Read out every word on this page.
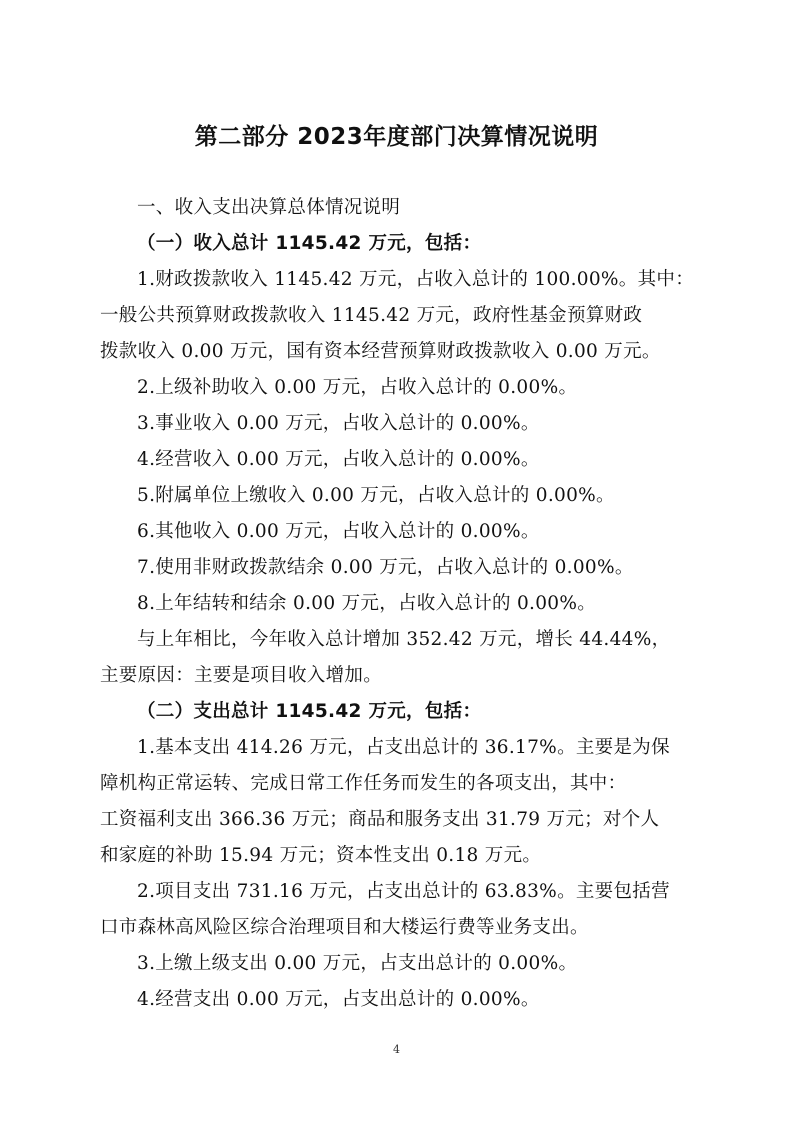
第二部分 2023年度部门决算情况说明

一、收入支出决算总体情况说明

（一）收入总计 1145.42 万元，包括：

1.财政拨款收入 1145.42 万元，占收入总计的 100.00%。其中：

一般公共预算财政拨款收入 1145.42 万元，政府性基金预算财政

拨款收入 0.00 万元，国有资本经营预算财政拨款收入 0.00 万元。

2.上级补助收入 0.00 万元，占收入总计的 0.00%。

3.事业收入 0.00 万元，占收入总计的 0.00%。

4.经营收入 0.00 万元，占收入总计的 0.00%。

5.附属单位上缴收入 0.00 万元，占收入总计的 0.00%。

6.其他收入 0.00 万元，占收入总计的 0.00%。

7.使用非财政拨款结余 0.00 万元，占收入总计的 0.00%。

8.上年结转和结余 0.00 万元，占收入总计的 0.00%。

与上年相比，今年收入总计增加 352.42 万元，增长 44.44%，

主要原因：主要是项目收入增加。

（二）支出总计 1145.42 万元，包括：

1.基本支出 414.26 万元，占支出总计的 36.17%。主要是为保

障机构正常运转、完成日常工作任务而发生的各项支出，其中：

工资福利支出 366.36 万元；商品和服务支出 31.79 万元；对个人

和家庭的补助 15.94 万元；资本性支出 0.18 万元。

2.项目支出 731.16 万元，占支出总计的 63.83%。主要包括营

口市森林高风险区综合治理项目和大楼运行费等业务支出。

3.上缴上级支出 0.00 万元，占支出总计的 0.00%。

4.经营支出 0.00 万元，占支出总计的 0.00%。

4
